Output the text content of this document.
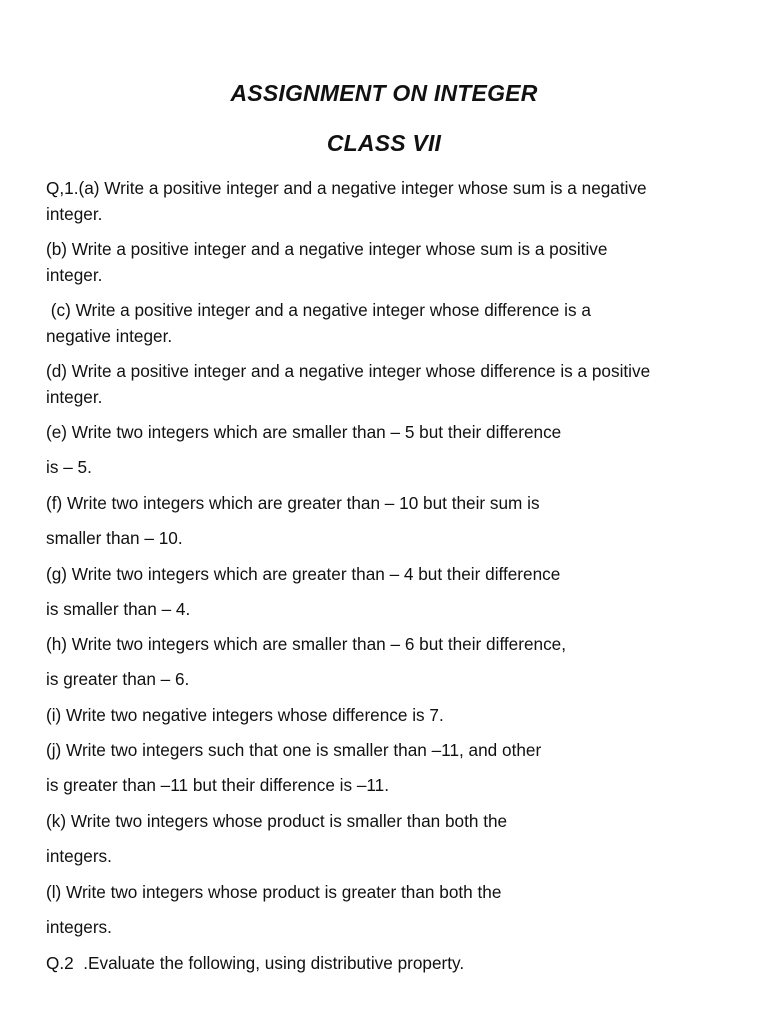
ASSIGNMENT ON INTEGER
CLASS VII
Q,1.(a) Write a positive integer and a negative integer whose sum is a negative
integer.
(b) Write a positive integer and a negative integer whose sum is a positive
integer.
(c) Write a positive integer and a negative integer whose difference is a
negative integer.
(d) Write a positive integer and a negative integer whose difference is a positive
integer.
(e) Write two integers which are smaller than – 5 but their difference
is – 5.
(f) Write two integers which are greater than – 10 but their sum is
smaller than – 10.
(g) Write two integers which are greater than – 4 but their difference
is smaller than – 4.
(h) Write two integers which are smaller than – 6 but their difference,
is greater than – 6.
(i) Write two negative integers whose difference is 7.
(j) Write two integers such that one is smaller than –11, and other
is greater than –11 but their difference is –11.
(k) Write two integers whose product is smaller than both the
integers.
(l) Write two integers whose product is greater than both the
integers.
Q.2  .Evaluate the following, using distributive property.
